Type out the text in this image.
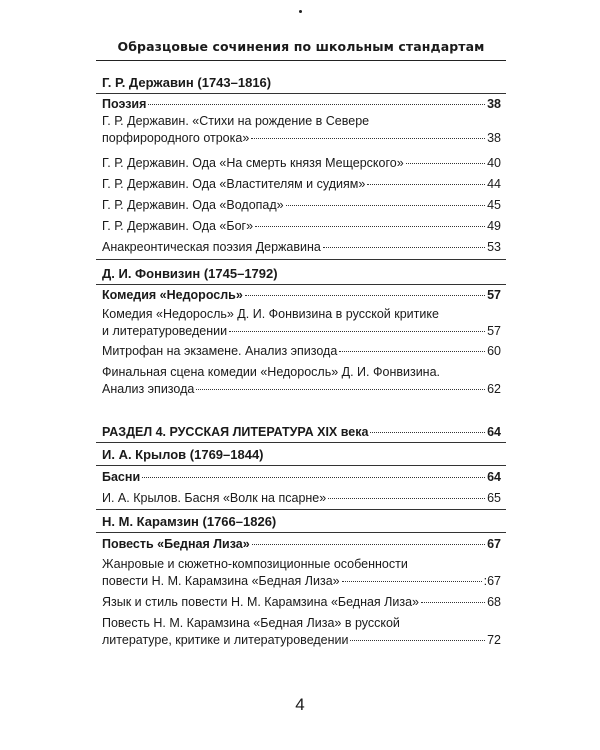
Образцовые сочинения по школьным стандартам
Г. Р. Державин (1743–1816)
Поэзия	38
Г. Р. Державин. «Стихи на рождение в Севере
порфирородного отрока»	38
Г. Р. Державин. Ода «На смерть князя Мещерского»	40
Г. Р. Державин. Ода «Властителям и судиям»	44
Г. Р. Державин. Ода «Водопад»	45
Г. Р. Державин. Ода «Бог»	49
Анакреонтическая поэзия Державина	53
Д. И. Фонвизин (1745–1792)
Комедия «Недоросль»	57
Комедия «Недоросль» Д. И. Фонвизина в русской критике
и литературоведении	57
Митрофан на экзамене. Анализ эпизода	60
Финальная сцена комедии «Недоросль» Д. И. Фонвизина.
Анализ эпизода	62
РАЗДЕЛ 4. РУССКАЯ ЛИТЕРАТУРА XIX века	64
И. А. Крылов (1769–1844)
Басни	64
И. А. Крылов. Басня «Волк на псарне»	65
Н. М. Карамзин (1766–1826)
Повесть «Бедная Лиза»	67
Жанровые и сюжетно-композиционные особенности
повести Н. М. Карамзина «Бедная Лиза»	:67
Язык и стиль повести Н. М. Карамзина «Бедная Лиза»	68
Повесть Н. М. Карамзина «Бедная Лиза» в русской
литературе, критике и литературоведении	72
4
